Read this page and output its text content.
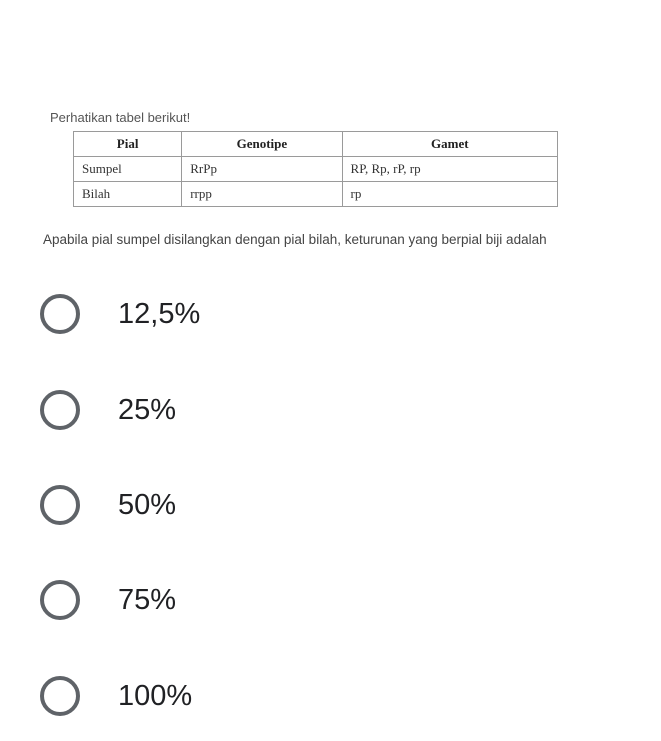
Perhatikan tabel berikut!
Pial	Genotipe	Gamet
Sumpel	RrPp	RP, Rp, rP, rp
Bilah	rrpp	rp
Apabila pial sumpel disilangkan dengan pial bilah, keturunan yang berpial biji adalah
12,5%
25%
50%
75%
100%
